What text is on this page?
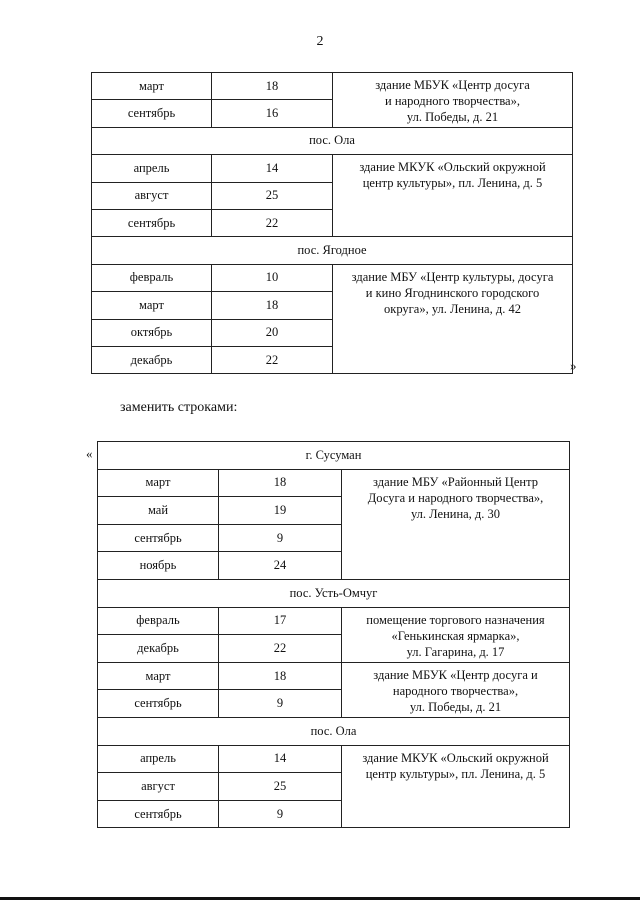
2
март	18	здание МБУК «Центр досуга
и народного творчества»,
ул. Победы, д. 21
сентябрь	16	
пос. Ола		
апрель	14	здание МКУК «Ольский окружной
центр культуры», пл. Ленина, д. 5
август	25	
сентябрь	22	
пос. Ягодное		
февраль	10	здание МБУ «Центр культуры, досуга
и кино Ягоднинского городского
округа», ул. Ленина, д. 42
март	18	
октябрь	20	
декабрь	22		»
заменить строками:
«	г. Сусуман		
март	18	здание МБУ «Районный Центр
Досуга и народного творчества»,
ул. Ленина, д. 30
май	19	
сентябрь	9	
ноябрь	24	
пос. Усть-Омчуг		
февраль	17	помещение торгового назначения
«Генькинская ярмарка»,
ул. Гагарина, д. 17
декабрь	22	
март	18	здание МБУК «Центр досуга и
народного творчества»,
ул. Победы, д. 21
сентябрь	9	
пос. Ола		
апрель	14	здание МКУК «Ольский окружной
центр культуры», пл. Ленина, д. 5
август	25	
сентябрь	9	
